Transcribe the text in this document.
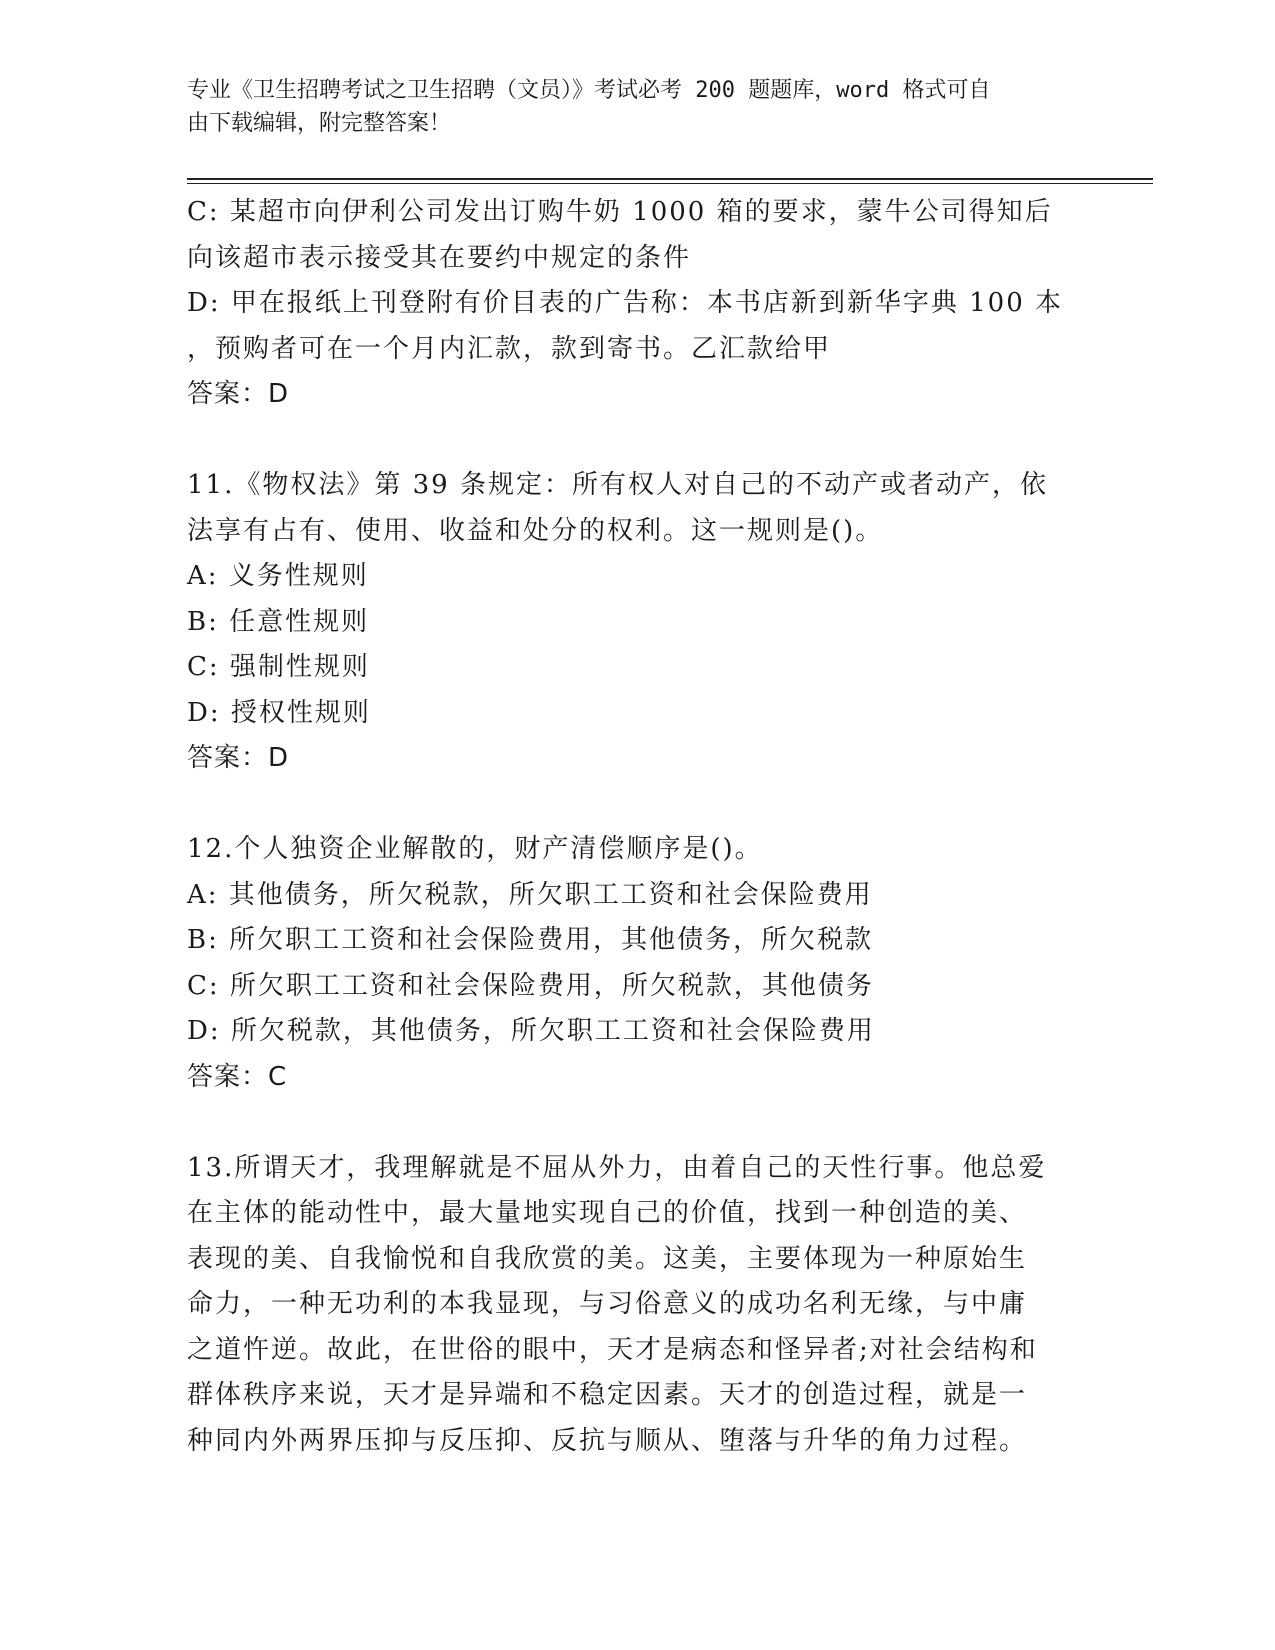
专业《卫生招聘考试之卫生招聘（文员）》考试必考 200 题题库，word 格式可自
由下载编辑，附完整答案！
C: 某超市向伊利公司发出订购牛奶 1000 箱的要求，蒙牛公司得知后
向该超市表示接受其在要约中规定的条件
D: 甲在报纸上刊登附有价目表的广告称：本书店新到新华字典 100 本
，预购者可在一个月内汇款，款到寄书。乙汇款给甲
答案：D
11.《物权法》第 39 条规定：所有权人对自己的不动产或者动产，依
法享有占有、使用、收益和处分的权利。这一规则是()。
A: 义务性规则
B: 任意性规则
C: 强制性规则
D: 授权性规则
答案：D
12.个人独资企业解散的，财产清偿顺序是()。
A: 其他债务，所欠税款，所欠职工工资和社会保险费用
B: 所欠职工工资和社会保险费用，其他债务，所欠税款
C: 所欠职工工资和社会保险费用，所欠税款，其他债务
D: 所欠税款，其他债务，所欠职工工资和社会保险费用
答案：C
13.所谓天才，我理解就是不屈从外力，由着自己的天性行事。他总爱
在主体的能动性中，最大量地实现自己的价值，找到一种创造的美、
表现的美、自我愉悦和自我欣赏的美。这美，主要体现为一种原始生
命力，一种无功利的本我显现，与习俗意义的成功名利无缘，与中庸
之道忤逆。故此，在世俗的眼中，天才是病态和怪异者;对社会结构和
群体秩序来说，天才是异端和不稳定因素。天才的创造过程，就是一
种同内外两界压抑与反压抑、反抗与顺从、堕落与升华的角力过程。
